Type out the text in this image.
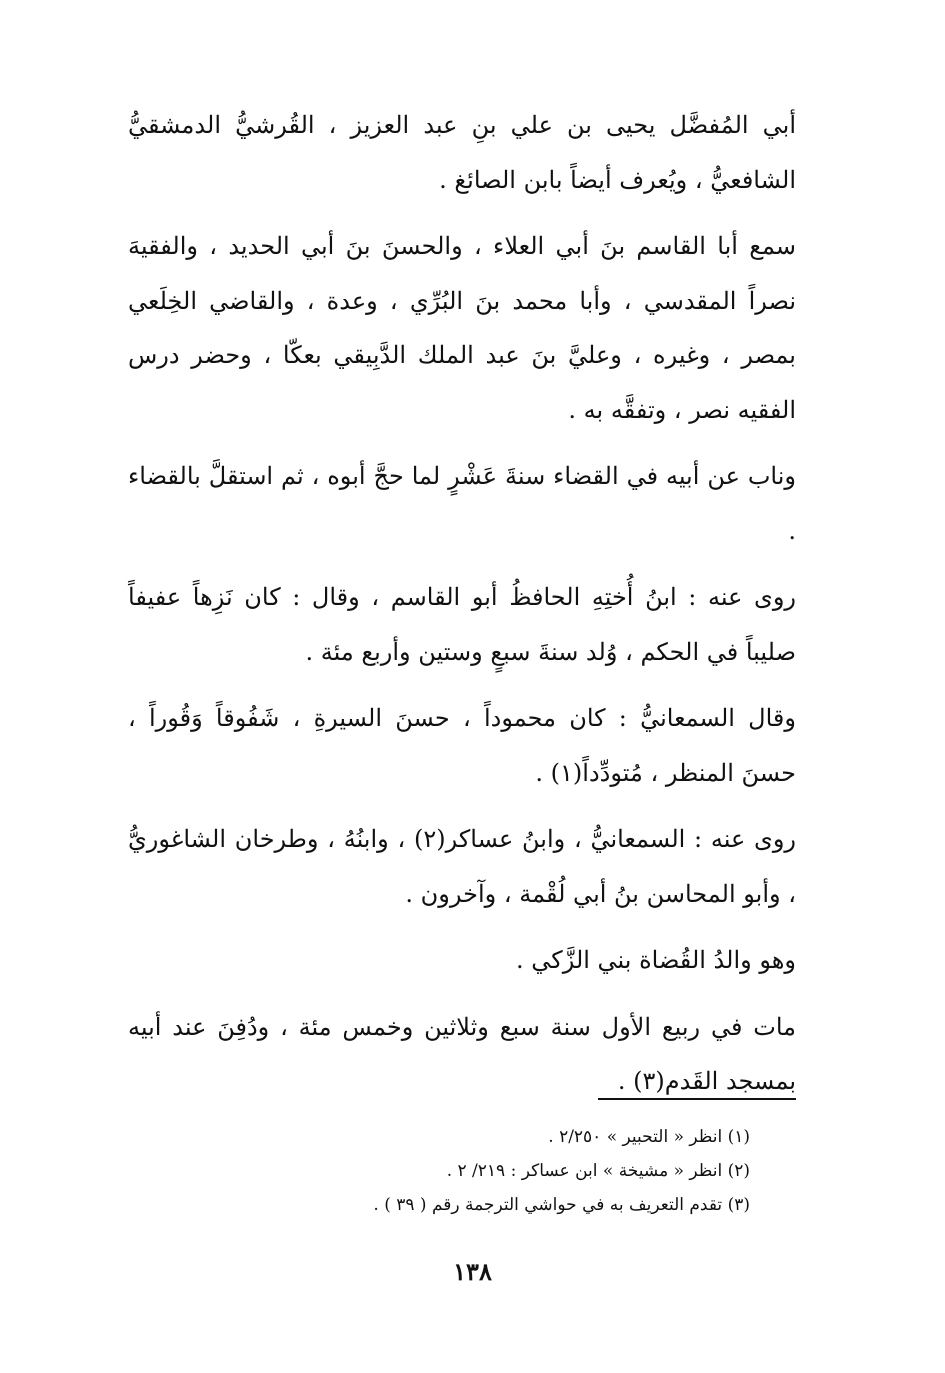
أبي المُفضَّل يحيى بن علي بنِ عبد العزيز ، القُرشيُّ الدمشقيُّ الشافعيُّ ، ويُعرف أيضاً بابن الصائغ .

سمع أبا القاسم بنَ أبي العلاء ، والحسنَ بنَ أبي الحديد ، والفقيهَ نصراً المقدسي ، وأبا محمد بنَ البُرِّي ، وعدة ، والقاضي الخِلَعي بمصر ، وغيره ، وعليَّ بنَ عبد الملك الدَّبِيقي بعكّا ، وحضر درس الفقيه نصر ، وتفقَّه به .

وناب عن أبيه في القضاء سنةَ عَشْرٍ لما حجَّ أبوه ، ثم استقلَّ بالقضاء .

روى عنه : ابنُ أُختِهِ الحافظُ أبو القاسم ، وقال : كان نَزِهاً عفيفاً صليباً في الحكم ، وُلد سنةَ سبعٍ وستين وأربع مئة .

وقال السمعانيُّ : كان محموداً ، حسنَ السيرةِ ، شَفُوقاً وَقُوراً ، حسنَ المنظر ، مُتودِّداً(١) .

روى عنه : السمعانيُّ ، وابنُ عساكر(٢) ، وابنُهُ ، وطرخان الشاغوريُّ ، وأبو المحاسن بنُ أبي لُقْمة ، وآخرون .

وهو والدُ القُضاة بني الزَّكي .

مات في ربيع الأول سنة سبع وثلاثين وخمس مئة ، ودُفِنَ عند أبيه بمسجد القَدم(٣) .

(١) انظر « التحبير » ٢/٢٥٠ .

(٢) انظر « مشيخة » ابن عساكر : ٢١٩/ ٢ .

(٣) تقدم التعريف به في حواشي الترجمة رقم ( ٣٩ ) .

١٣٨
